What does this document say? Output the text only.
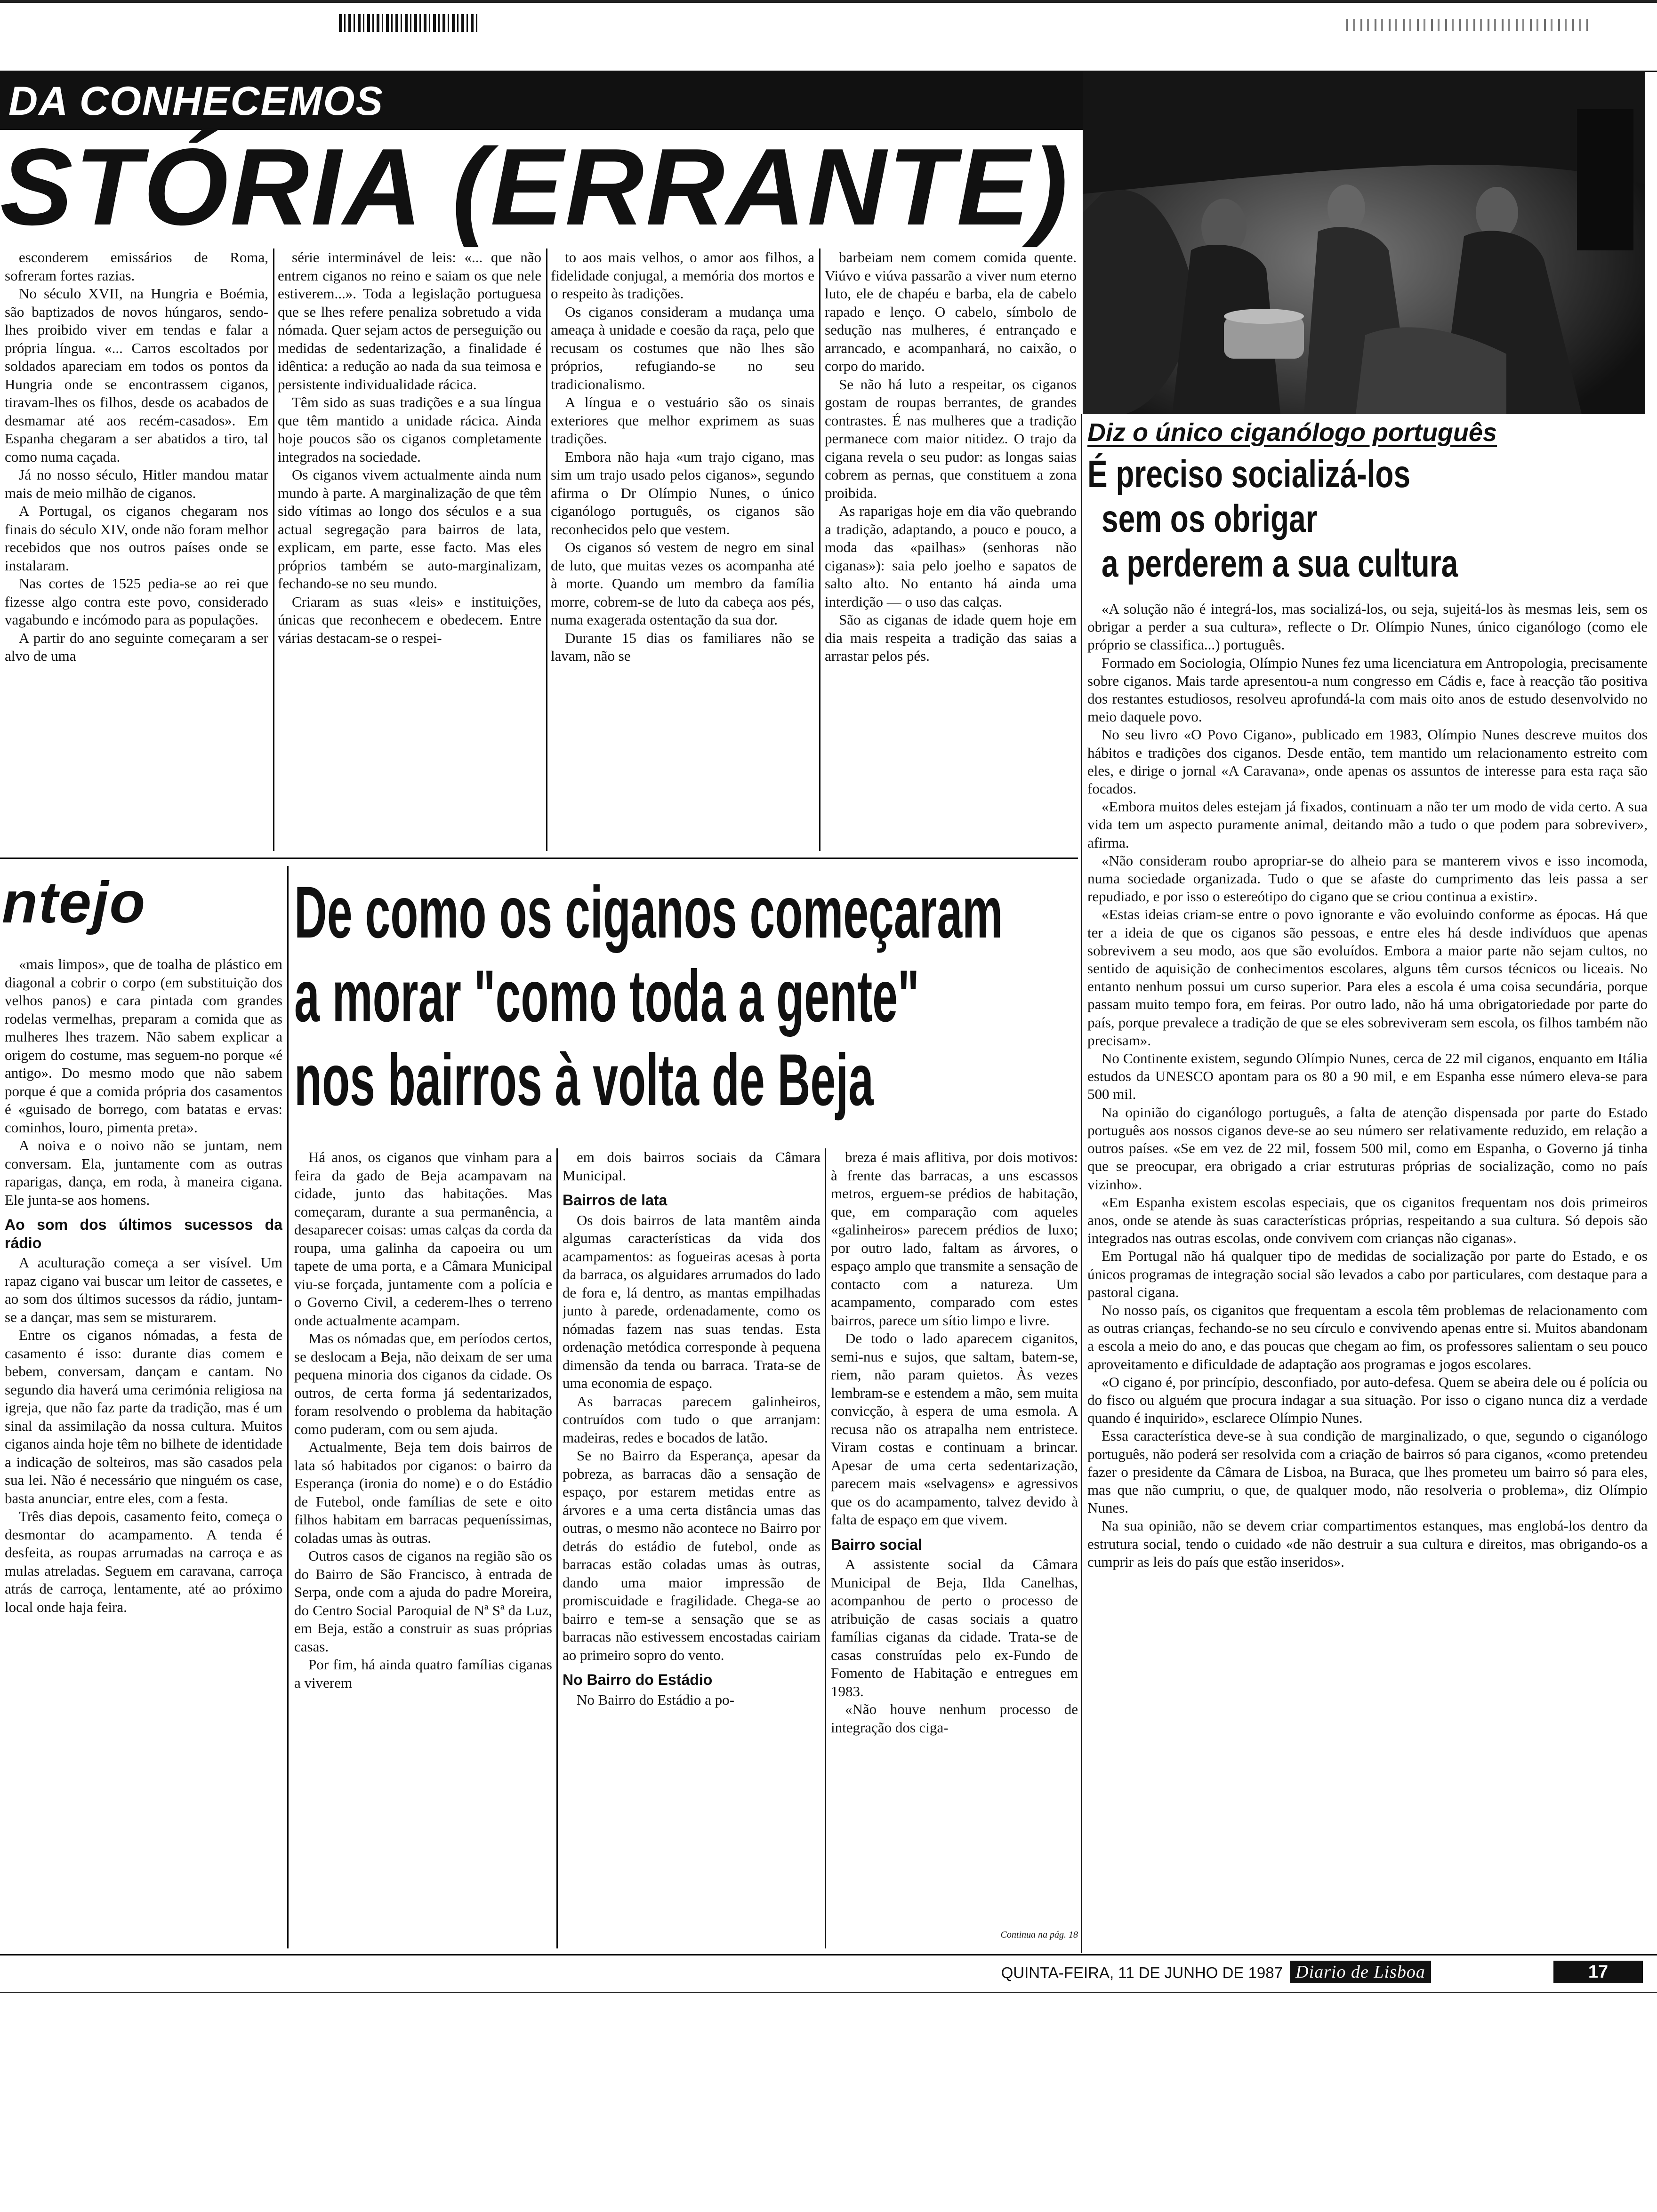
DA CONHECEMOS
STÓRIA (ERRANTE)

esconderem emissários de Roma, sofreram fortes razias.

No século XVII, na Hungria e Boémia, são baptizados de novos húngaros, sendo-lhes proibido viver em tendas e falar a própria língua. «... Carros escoltados por soldados apareciam em todos os pontos da Hungria onde se encontrassem ciganos, tiravam-lhes os filhos, desde os acabados de desmamar até aos recém-casados». Em Espanha chegaram a ser abatidos a tiro, tal como numa caçada.

Já no nosso século, Hitler mandou matar mais de meio milhão de ciganos.

A Portugal, os ciganos chegaram nos finais do século XIV, onde não foram melhor recebidos que nos outros países onde se instalaram.

Nas cortes de 1525 pedia-se ao rei que fizesse algo contra este povo, considerado vagabundo e incómodo para as populações.

A partir do ano seguinte começaram a ser alvo de uma

série interminável de leis: «... que não entrem ciganos no reino e saiam os que nele estiverem...». Toda a legislação portuguesa que se lhes refere penaliza sobretudo a vida nómada. Quer sejam actos de perseguição ou medidas de sedentarização, a finalidade é idêntica: a redução ao nada da sua teimosa e persistente individualidade rácica.

Têm sido as suas tradições e a sua língua que têm mantido a unidade rácica. Ainda hoje poucos são os ciganos completamente integrados na sociedade.

Os ciganos vivem actualmente ainda num mundo à parte. A marginalização de que têm sido vítimas ao longo dos séculos e a sua actual segregação para bairros de lata, explicam, em parte, esse facto. Mas eles próprios também se auto-marginalizam, fechando-se no seu mundo.

Criaram as suas «leis» e instituições, únicas que reconhecem e obedecem. Entre várias destacam-se o respei-

to aos mais velhos, o amor aos filhos, a fidelidade conjugal, a memória dos mortos e o respeito às tradições.

Os ciganos consideram a mudança uma ameaça à unidade e coesão da raça, pelo que recusam os costumes que não lhes são próprios, refugiando-se no seu tradicionalismo.

A língua e o vestuário são os sinais exteriores que melhor exprimem as suas tradições.

Embora não haja «um trajo cigano, mas sim um trajo usado pelos ciganos», segundo afirma o Dr Olímpio Nunes, o único ciganólogo português, os ciganos são reconhecidos pelo que vestem.

Os ciganos só vestem de negro em sinal de luto, que muitas vezes os acompanha até à morte. Quando um membro da família morre, cobrem-se de luto da cabeça aos pés, numa exagerada ostentação da sua dor.

Durante 15 dias os familiares não se lavam, não se

barbeiam nem comem comida quente. Viúvo e viúva passarão a viver num eterno luto, ele de chapéu e barba, ela de cabelo rapado e lenço. O cabelo, símbolo de sedução nas mulheres, é entrançado e arrancado, e acompanhará, no caixão, o corpo do marido.

Se não há luto a respeitar, os ciganos gostam de roupas berrantes, de grandes contrastes. É nas mulheres que a tradição permanece com maior nitidez. O trajo da cigana revela o seu pudor: as longas saias cobrem as pernas, que constituem a zona proibida.

As raparigas hoje em dia vão quebrando a tradição, adaptando, a pouco e pouco, a moda das «pailhas» (senhoras não ciganas»): saia pelo joelho e sapatos de salto alto. No entanto há ainda uma interdição — o uso das calças.

São as ciganas de idade quem hoje em dia mais respeita a tradição das saias a arrastar pelos pés.

Diz o único ciganólogo português
É preciso socializá-los
sem os obrigar
a perderem a sua cultura

«A solução não é integrá-los, mas socializá-los, ou seja, sujeitá-los às mesmas leis, sem os obrigar a perder a sua cultura», reflecte o Dr. Olímpio Nunes, único ciganólogo (como ele próprio se classifica...) português.

Formado em Sociologia, Olímpio Nunes fez uma licenciatura em Antropologia, precisamente sobre ciganos. Mais tarde apresentou-a num congresso em Cádis e, face à reacção tão positiva dos restantes estudiosos, resolveu aprofundá-la com mais oito anos de estudo desenvolvido no meio daquele povo.

No seu livro «O Povo Cigano», publicado em 1983, Olímpio Nunes descreve muitos dos hábitos e tradições dos ciganos. Desde então, tem mantido um relacionamento estreito com eles, e dirige o jornal «A Caravana», onde apenas os assuntos de interesse para esta raça são focados.

«Embora muitos deles estejam já fixados, continuam a não ter um modo de vida certo. A sua vida tem um aspecto puramente animal, deitando mão a tudo o que podem para sobreviver», afirma.

«Não consideram roubo apropriar-se do alheio para se manterem vivos e isso incomoda, numa sociedade organizada. Tudo o que se afaste do cumprimento das leis passa a ser repudiado, e por isso o estereótipo do cigano que se criou continua a existir».

«Estas ideias criam-se entre o povo ignorante e vão evoluindo conforme as épocas. Há que ter a ideia de que os ciganos são pessoas, e entre eles há desde indivíduos que apenas sobrevivem a seu modo, aos que são evoluídos. Embora a maior parte não sejam cultos, no sentido de aquisição de conhecimentos escolares, alguns têm cursos técnicos ou liceais. No entanto nenhum possui um curso superior. Para eles a escola é uma coisa secundária, porque passam muito tempo fora, em feiras. Por outro lado, não há uma obrigatoriedade por parte do país, porque prevalece a tradição de que se eles sobreviveram sem escola, os filhos também não precisam».

No Continente existem, segundo Olímpio Nunes, cerca de 22 mil ciganos, enquanto em Itália estudos da UNESCO apontam para os 80 a 90 mil, e em Espanha esse número eleva-se para 500 mil.

Na opinião do ciganólogo português, a falta de atenção dispensada por parte do Estado português aos nossos ciganos deve-se ao seu número ser relativamente reduzido, em relação a outros países. «Se em vez de 22 mil, fossem 500 mil, como em Espanha, o Governo já tinha que se preocupar, era obrigado a criar estruturas próprias de socialização, como no país vizinho».

«Em Espanha existem escolas especiais, que os ciganitos frequentam nos dois primeiros anos, onde se atende às suas características próprias, respeitando a sua cultura. Só depois são integrados nas outras escolas, onde convivem com crianças não ciganas».

Em Portugal não há qualquer tipo de medidas de socialização por parte do Estado, e os únicos programas de integração social são levados a cabo por particulares, com destaque para a pastoral cigana.

No nosso país, os ciganitos que frequentam a escola têm problemas de relacionamento com as outras crianças, fechando-se no seu círculo e convivendo apenas entre si. Muitos abandonam a escola a meio do ano, e das poucas que chegam ao fim, os professores salientam o seu pouco aproveitamento e dificuldade de adaptação aos programas e jogos escolares.

«O cigano é, por princípio, desconfiado, por auto-defesa. Quem se abeira dele ou é polícia ou do fisco ou alguém que procura indagar a sua situação. Por isso o cigano nunca diz a verdade quando é inquirido», esclarece Olímpio Nunes.

Essa característica deve-se à sua condição de marginalizado, o que, segundo o ciganólogo português, não poderá ser resolvida com a criação de bairros só para ciganos, «como pretendeu fazer o presidente da Câmara de Lisboa, na Buraca, que lhes prometeu um bairro só para eles, mas que não cumpriu, o que, de qualquer modo, não resolveria o problema», diz Olímpio Nunes.

Na sua opinião, não se devem criar compartimentos estanques, mas englobá-los dentro da estrutura social, tendo o cuidado «de não destruir a sua cultura e direitos, mas obrigando-os a cumprir as leis do país que estão inseridos».

ntejo

«mais limpos», que de toalha de plástico em diagonal a cobrir o corpo (em substituição dos velhos panos) e cara pintada com grandes rodelas vermelhas, preparam a comida que as mulheres lhes trazem. Não sabem explicar a origem do costume, mas seguem-no porque «é antigo». Do mesmo modo que não sabem porque é que a comida própria dos casamentos é «guisado de borrego, com batatas e ervas: cominhos, louro, pimenta preta».

A noiva e o noivo não se juntam, nem conversam. Ela, juntamente com as outras raparigas, dança, em roda, à maneira cigana. Ele junta-se aos homens.

Ao som dos últimos sucessos da rádio

A aculturação começa a ser visível. Um rapaz cigano vai buscar um leitor de cassetes, e ao som dos últimos sucessos da rádio, juntam-se a dançar, mas sem se misturarem.

Entre os ciganos nómadas, a festa de casamento é isso: durante dias comem e bebem, conversam, dançam e cantam. No segundo dia haverá uma cerimónia religiosa na igreja, que não faz parte da tradição, mas é um sinal da assimilação da nossa cultura. Muitos ciganos ainda hoje têm no bilhete de identidade a indicação de solteiros, mas são casados pela sua lei. Não é necessário que ninguém os case, basta anunciar, entre eles, com a festa.

Três dias depois, casamento feito, começa o desmontar do acampamento. A tenda é desfeita, as roupas arrumadas na carroça e as mulas atreladas. Seguem em caravana, carroça atrás de carroça, lentamente, até ao próximo local onde haja feira.

De como os ciganos começaram
a morar "como toda a gente"
nos bairros à volta de Beja

Há anos, os ciganos que vinham para a feira da gado de Beja acampavam na cidade, junto das habitações. Mas começaram, durante a sua permanência, a desaparecer coisas: umas calças da corda da roupa, uma galinha da capoeira ou um tapete de uma porta, e a Câmara Municipal viu-se forçada, juntamente com a polícia e o Governo Civil, a cederem-lhes o terreno onde actualmente acampam.

Mas os nómadas que, em períodos certos, se deslocam a Beja, não deixam de ser uma pequena minoria dos ciganos da cidade. Os outros, de certa forma já sedentarizados, foram resolvendo o problema da habitação como puderam, com ou sem ajuda.

Actualmente, Beja tem dois bairros de lata só habitados por ciganos: o bairro da Esperança (ironia do nome) e o do Estádio de Futebol, onde famílias de sete e oito filhos habitam em barracas pequeníssimas, coladas umas às outras.

Outros casos de ciganos na região são os do Bairro de São Francisco, à entrada de Serpa, onde com a ajuda do padre Moreira, do Centro Social Paroquial de Nª Sª da Luz, em Beja, estão a construir as suas próprias casas.

Por fim, há ainda quatro famílias ciganas a viverem

em dois bairros sociais da Câmara Municipal.

Bairros de lata

Os dois bairros de lata mantêm ainda algumas características da vida dos acampamentos: as fogueiras acesas à porta da barraca, os alguidares arrumados do lado de fora e, lá dentro, as mantas empilhadas junto à parede, ordenadamente, como os nómadas fazem nas suas tendas. Esta ordenação metódica corresponde à pequena dimensão da tenda ou barraca. Trata-se de uma economia de espaço.

As barracas parecem galinheiros, contruídos com tudo o que arranjam: madeiras, redes e bocados de latão.

Se no Bairro da Esperança, apesar da pobreza, as barracas dão a sensação de espaço, por estarem metidas entre as árvores e a uma certa distância umas das outras, o mesmo não acontece no Bairro por detrás do estádio de futebol, onde as barracas estão coladas umas às outras, dando uma maior impressão de promiscuidade e fragilidade. Chega-se ao bairro e tem-se a sensação que se as barracas não estivessem encostadas cairiam ao primeiro sopro do vento.

No Bairro do Estádio

No Bairro do Estádio a po-

breza é mais aflitiva, por dois motivos: à frente das barracas, a uns escassos metros, erguem-se prédios de habitação, que, em comparação com aqueles «galinheiros» parecem prédios de luxo; por outro lado, faltam as árvores, o espaço amplo que transmite a sensação de contacto com a natureza. Um acampamento, comparado com estes bairros, parece um sítio limpo e livre.

De todo o lado aparecem ciganitos, semi-nus e sujos, que saltam, batem-se, riem, não param quietos. Às vezes lembram-se e estendem a mão, sem muita convicção, à espera de uma esmola. A recusa não os atrapalha nem entristece. Viram costas e continuam a brincar. Apesar de uma certa sedentarização, parecem mais «selvagens» e agressivos que os do acampamento, talvez devido à falta de espaço em que vivem.

Bairro social

A assistente social da Câmara Municipal de Beja, Ilda Canelhas, acompanhou de perto o processo de atribuição de casas sociais a quatro famílias ciganas da cidade. Trata-se de casas construídas pelo ex-Fundo de Fomento de Habitação e entregues em 1983.

«Não houve nenhum processo de integração dos ciga-

Continua na pág. 18
QUINTA-FEIRA, 11 DE JUNHO DE 1987 Diario de Lisboa	17
